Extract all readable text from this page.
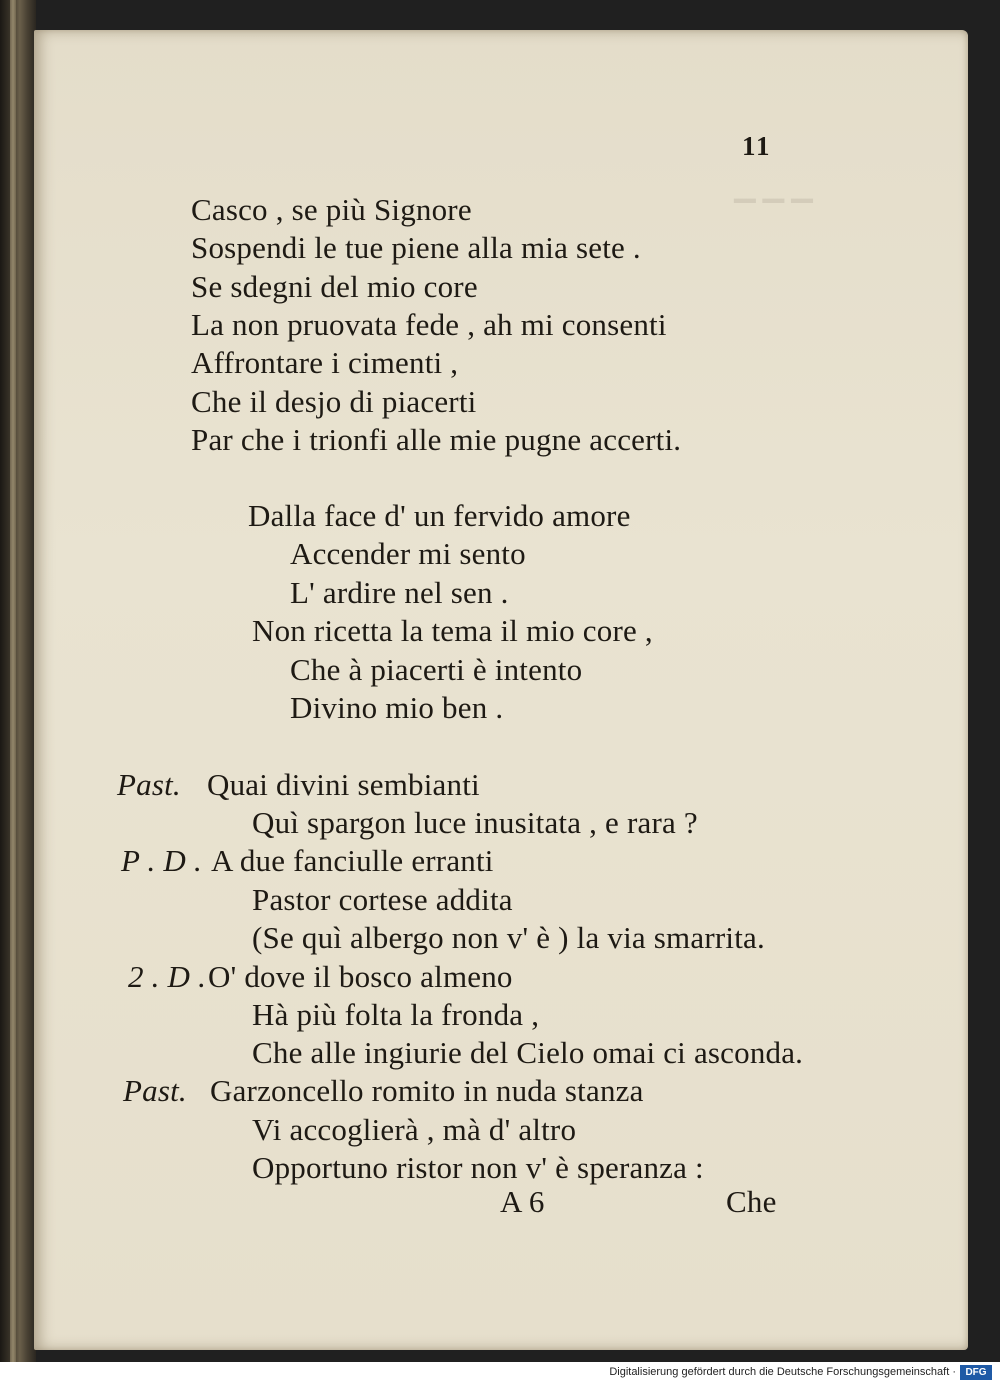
▁ ▁ ▁
11
Casco , se più Signore
Sospendi le tue piene alla mia sete .
Se sdegni del mio core
La non pruovata fede , ah mi consenti
Affrontare i cimenti ,
Che il desjo di piacerti
Par che i trionfi alle mie pugne accerti.
Dalla face d' un fervido amore
Accender mi sento
L' ardire nel sen .
Non ricetta la tema il mio core ,
Che à piacerti è intento
Divino mio ben .
Past. Quai divini sembianti
Quì spargon luce inusitata , e rara ?
P . D . A due fanciulle erranti
Pastor cortese addita
(Se quì albergo non v' è ) la via smarrita.
2 . D . O' dove il bosco almeno
Hà più folta la fronda ,
Che alle ingiurie del Cielo omai ci asconda.
Past. Garzoncello romito in nuda stanza
Vi accoglierà , mà d' altro
Opportuno ristor non v' è speranza :
A 6	Che
Digitalisierung gefördert durch die Deutsche Forschungsgemeinschaft · DFG
